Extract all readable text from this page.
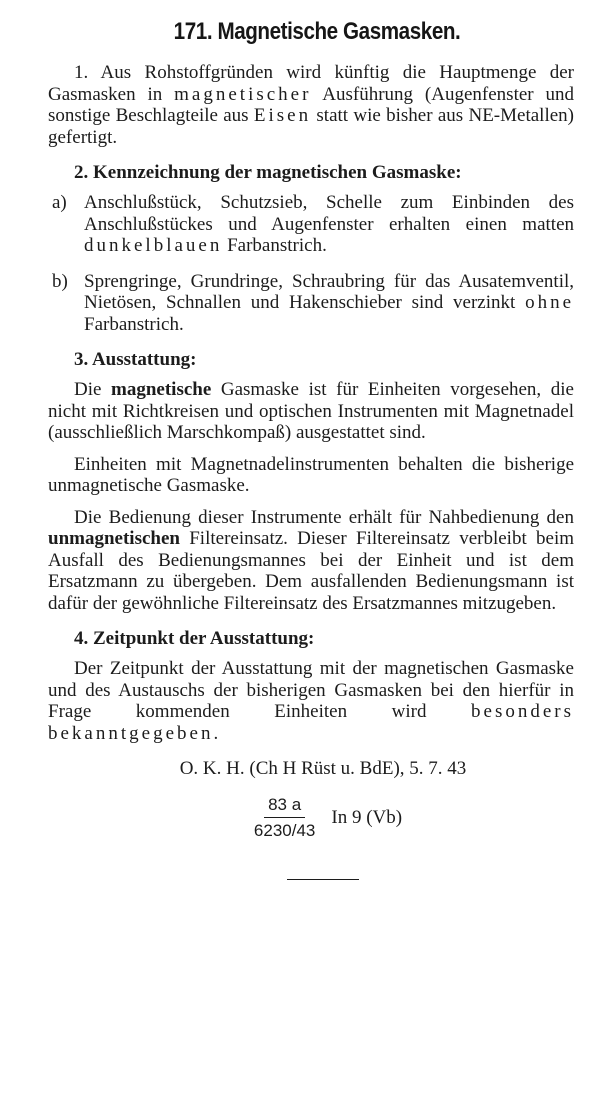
171. Magnetische Gasmasken.

1. Aus Rohstoffgründen wird künftig die Hauptmenge der Gasmasken in magnetischer Ausführung (Augenfenster und sonstige Beschlagteile aus Eisen statt wie bisher aus NE-Metallen) gefertigt.

2. Kennzeichnung der magnetischen Gasmaske:

a) Anschlußstück, Schutzsieb, Schelle zum Einbinden des Anschlußstückes und Augenfenster erhalten einen matten dunkelblauen Farbanstrich.
b) Sprengringe, Grundringe, Schraubring für das Ausatemventil, Nietösen, Schnallen und Hakenschieber sind verzinkt ohne Farbanstrich.

3. Ausstattung:

Die magnetische Gasmaske ist für Einheiten vorgesehen, die nicht mit Richtkreisen und optischen Instrumenten mit Magnetnadel (ausschließlich Marschkompaß) ausgestattet sind.

Einheiten mit Magnetnadelinstrumenten behalten die bisherige unmagnetische Gasmaske.

Die Bedienung dieser Instrumente erhält für Nahbedienung den unmagnetischen Filtereinsatz. Dieser Filtereinsatz verbleibt beim Ausfall des Bedienungsmannes bei der Einheit und ist dem Ersatzmann zu übergeben. Dem ausfallenden Bedienungsmann ist dafür der gewöhnliche Filtereinsatz des Ersatzmannes mitzugeben.

4. Zeitpunkt der Ausstattung:

Der Zeitpunkt der Ausstattung mit der magnetischen Gasmaske und des Austauschs der bisherigen Gasmasken bei den hierfür in Frage kommenden Einheiten wird besonders bekanntgegeben.

O. K. H. (Ch H Rüst u. BdE), 5. 7. 43

$\frac{83 a}{6230/43}$ In 9 (Vb)
